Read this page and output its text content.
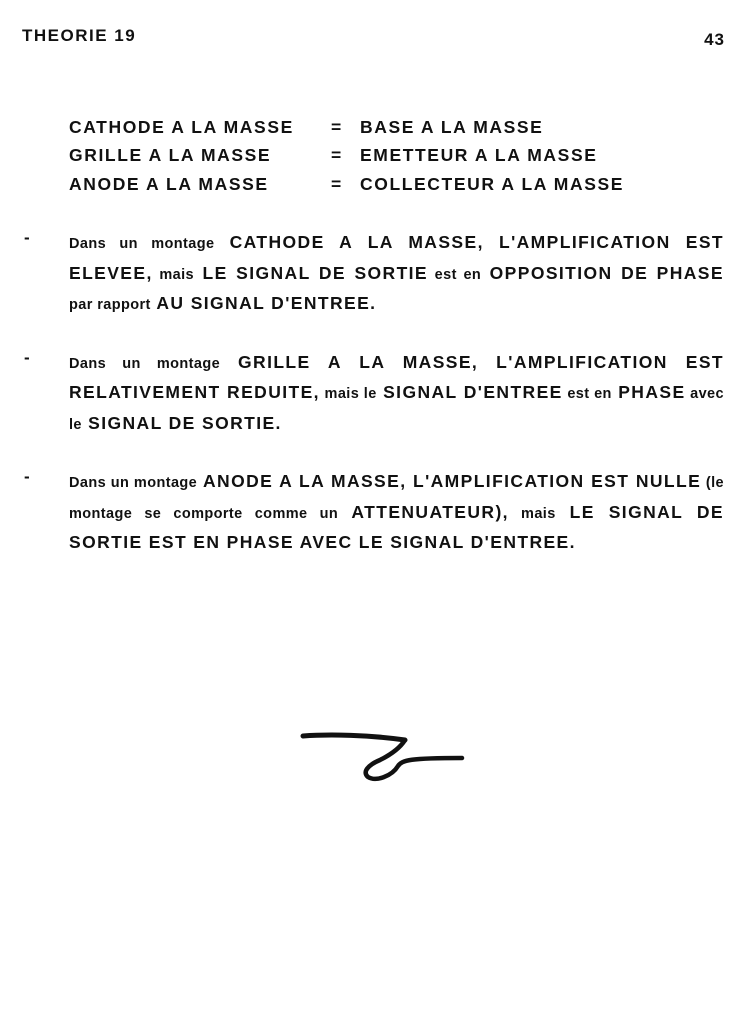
THEORIE 19	43
CATHODE A LA MASSE	=	BASE A LA MASSE
GRILLE A LA MASSE	=	EMETTEUR A LA MASSE
ANODE A LA MASSE	=	COLLECTEUR A LA MASSE
-	Dans un montage CATHODE A LA MASSE, L'AMPLIFICATION EST ELEVEE, mais LE SIGNAL DE SORTIE est en OPPOSITION DE PHASE par rapport AU SIGNAL D'ENTREE.
-	Dans un montage GRILLE A LA MASSE, L'AMPLIFICATION EST RELATIVEMENT REDUITE, mais le SIGNAL D'ENTREE est en PHASE avec le SIGNAL DE SORTIE.
-	Dans un montage ANODE A LA MASSE, L'AMPLIFICATION EST NULLE (le montage se comporte comme un ATTENUATEUR), mais LE SIGNAL DE SORTIE EST EN PHASE AVEC LE SIGNAL D'ENTREE.
